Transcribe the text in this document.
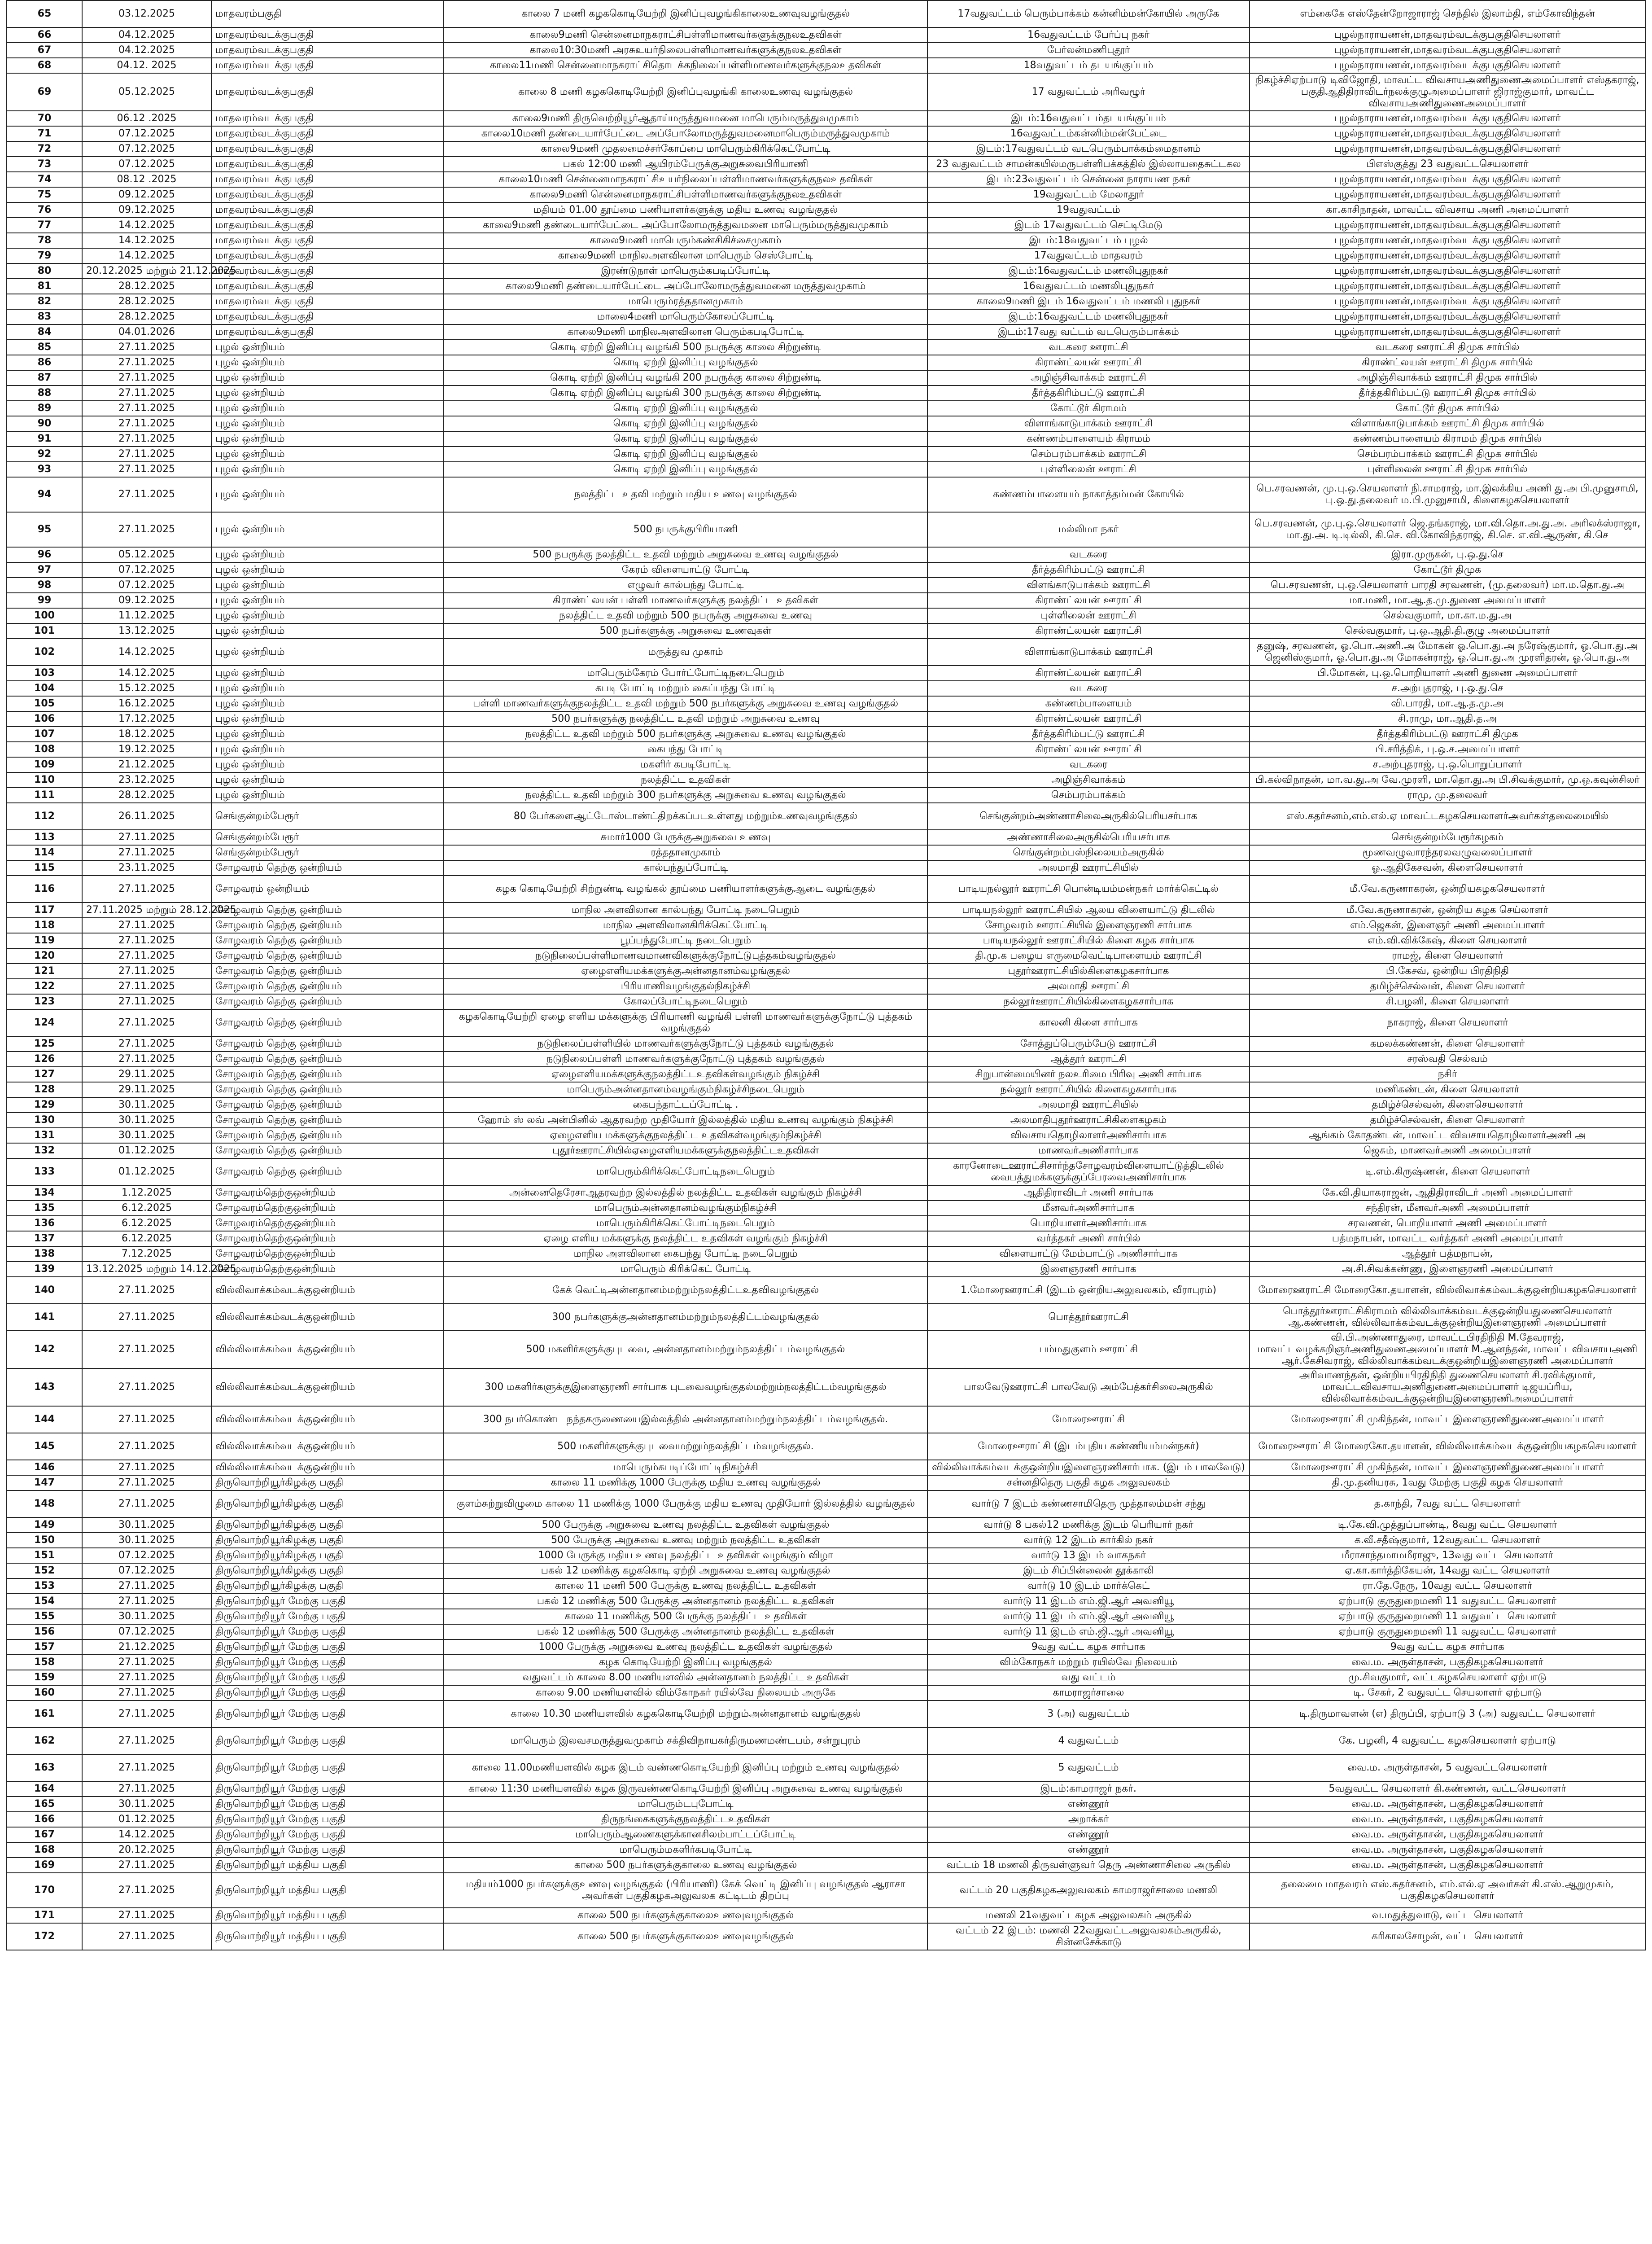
65	03.12.2025	மாதவரம்பகுதி	காலை 7 மணி கழககொடியேற்றி இனிப்புவழங்கிகாலைஉணவுவழங்குதல்	17வதுவட்டம் பெரும்பாக்கம் கன்னிம்மன்கோயில் அருகே	எம்கைகே எஸ்தேன்றோஜாராஜ் செந்தில் இலாம்தி, எம்கோவிந்தன்
66	04.12.2025	மாதவரம்வடக்குபகுதி	காலை9மணி சென்னைமாநகராட்சிபள்ளிமாணவர்களுக்குநலஉதவிகள்	16வதுவட்டம் பேர்ப்பு நகர்	புழல்நாராயணன்,மாதவரம்வடக்குபகுதிசெயலாளர்
67	04.12.2025	மாதவரம்வடக்குபகுதி	காலை10:30மணி அரசுஉயர்நிலைபள்ளிமாணவர்களுக்குநலஉதவிகள்	பேர்லன்மணிபுதூர்	புழல்நாராயணன்,மாதவரம்வடக்குபகுதிசெயலாளர்
68	04.12. 2025	மாதவரம்வடக்குபகுதி	காலை11மணி சென்னைமாநகராட்சிதொடக்கநிலைப்பள்ளிமாணவர்களுக்குநலஉதவிகள்	18வதுவட்டம் தடயங்குப்பம்	புழல்நாராயணன்,மாதவரம்வடக்குபகுதிசெயலாளர்
69	05.12.2025	மாதவரம்வடக்குபகுதி	காலை 8 மணி கழககொடியேற்றி இனிப்புவழங்கி காலைஉணவு வழங்குதல்	17 வதுவட்டம் அரிவழூர்	நிகழ்ச்சிஏற்பாடு டிவிஜோதி, மாவட்ட விவசாயஅணிதுணைஅமைப்பாளர் எஸ்தகராஜ், பகுதிஆதிதிராவிடர்நலக்குழுஅமைப்பாளர் ஜிராஜ்குமார், மாவட்ட விவசாயஅணிதுணைஅமைப்பாளர்
70	06.12 .2025	மாதவரம்வடக்குபகுதி	காலை9மணி திருவெற்றியூர்ஆதாய்மருத்துவமனை மாபெரும்மருத்துவமுகாம்	இடம்:16வதுவட்டம்தடயங்குப்பம்	புழல்நாராயணன்,மாதவரம்வடக்குபகுதிசெயலாளர்
71	07.12.2025	மாதவரம்வடக்குபகுதி	காலை10மணி தண்டையார்பேட்டை அப்போலோமருத்துவமனைமாபெரும்மருத்துவமுகாம்	16வதுவட்டம்கன்னிம்மன்பேட்டை	புழல்நாராயணன்,மாதவரம்வடக்குபகுதிசெயலாளர்
72	07.12.2025	மாதவரம்வடக்குபகுதி	காலை9மணி முதலமைச்சர்கோப்பை மாபெரும்கிரிக்கெட்போட்டி	இடம்:17வதுவட்டம் வடபெரும்பாக்கம்மைதானம்	புழல்நாராயணன்,மாதவரம்வடக்குபகுதிசெயலாளர்
73	07.12.2025	மாதவரம்வடக்குபகுதி	பகல் 12:00 மணி ஆயிரம்பேருக்குஅறுசுவைபிரியாணி	23 வதுவட்டம் சாமன்கயில்மருபள்ளிபக்கத்தில் இல்லாயதைசுட்டகல	பிஎஸ்குத்து 23 வதுவட்டசெயலாளர்
74	08.12 .2025	மாதவரம்வடக்குபகுதி	காலை10மணி சென்னைமாநகராட்சிஉயர்நிலைப்பள்ளிமாணவர்களுக்குநலஉதவிகள்	இடம்:23வதுவட்டம் சென்னை நாராயண நகர்	புழல்நாராயணன்,மாதவரம்வடக்குபகுதிசெயலாளர்
75	09.12.2025	மாதவரம்வடக்குபகுதி	காலை9மணி சென்னைமாநகராட்சிபள்ளிமாணவர்களுக்குநலஉதவிகள்	19வதுவட்டம் மேலாதூர்	புழல்நாராயணன்,மாதவரம்வடக்குபகுதிசெயலாளர்
76	09.12.2025	மாதவரம்வடக்குபகுதி	மதியம் 01.00 தூய்மை பணியாளர்களுக்கு மதிய உணவு வழங்குதல்	19வதுவட்டம்	கா.காசிநாதன், மாவட்ட விவசாய அணி அமைப்பாளர்
77	14.12.2025	மாதவரம்வடக்குபகுதி	காலை9மணி தண்டையார்பேட்டை அப்போலோமருத்துவமனை மாபெரும்மருத்துவமுகாம்	இடம் 17வதுவட்டம் செட்டிமேடு	புழல்நாராயணன்,மாதவரம்வடக்குபகுதிசெயலாளர்
78	14.12.2025	மாதவரம்வடக்குபகுதி	காலை9மணி மாபெரும்கண்சிகிச்சைமுகாம்	இடம்:18வதுவட்டம் புழல்	புழல்நாராயணன்,மாதவரம்வடக்குபகுதிசெயலாளர்
79	14.12.2025	மாதவரம்வடக்குபகுதி	காலை9மணி மாநிலஅளவிலான மாபெரும் செஸ்போட்டி	17வதுவட்டம் மாதவரம்	புழல்நாராயணன்,மாதவரம்வடக்குபகுதிசெயலாளர்
80	20.12.2025 மற்றும் 21.12.2025	மாதவரம்வடக்குபகுதி	இரண்டுநாள் மாபெரும்கபடிப்போட்டி	இடம்:16வதுவட்டம் மணலிபுதுநகர்	புழல்நாராயணன்,மாதவரம்வடக்குபகுதிசெயலாளர்
81	28.12.2025	மாதவரம்வடக்குபகுதி	காலை9மணி தண்டையார்பேட்டை அப்போலோமருத்துவமனை மருத்துவமுகாம்	16வதுவட்டம் மணலிபுதுநகர்	புழல்நாராயணன்,மாதவரம்வடக்குபகுதிசெயலாளர்
82	28.12.2025	மாதவரம்வடக்குபகுதி	மாபெரும்ரத்ததானமுகாம்	காலை9மணி இடம் 16வதுவட்டம் மணலி புதுநகர்	புழல்நாராயணன்,மாதவரம்வடக்குபகுதிசெயலாளர்
83	28.12.2025	மாதவரம்வடக்குபகுதி	மாலை4மணி மாபெரும்கோலப்போட்டி	இடம்:16வதுவட்டம் மணலிபுதுநகர்	புழல்நாராயணன்,மாதவரம்வடக்குபகுதிசெயலாளர்
84	04.01.2026	மாதவரம்வடக்குபகுதி	காலை9மணி மாநிலஅளவிலான பெரும்கபடிபோட்டி	இடம்:17வது வட்டம் வடபெரும்பாக்கம்	புழல்நாராயணன்,மாதவரம்வடக்குபகுதிசெயலாளர்
85	27.11.2025	புழல் ஒன்றியம்	கொடி ஏற்றி இனிப்பு வழங்கி 500 நபருக்கு காலை சிற்றுண்டி	வடகரை ஊராட்சி	வடகரை ஊராட்சி திமுக சார்பில்
86	27.11.2025	புழல் ஒன்றியம்	கொடி ஏற்றி இனிப்பு வழங்குதல்	கிராண்ட்லயன் ஊராட்சி	கிராண்ட்லயன் ஊராட்சி திமுக சார்பில்
87	27.11.2025	புழல் ஒன்றியம்	கொடி ஏற்றி இனிப்பு வழங்கி 200 நபருக்கு காலை சிற்றுண்டி	அழிஞ்சிவாக்கம் ஊராட்சி	அழிஞ்சிவாக்கம் ஊராட்சி திமுக சார்பில்
88	27.11.2025	புழல் ஒன்றியம்	கொடி ஏற்றி இனிப்பு வழங்கி 300 நபருக்கு காலை சிற்றுண்டி	தீர்த்தகிரிம்பட்டு ஊராட்சி	தீர்த்தகிரிம்பட்டு ஊராட்சி திமுக சார்பில்
89	27.11.2025	புழல் ஒன்றியம்	கொடி ஏற்றி இனிப்பு வழங்குதல்	கோட்டூர் கிராமம்	கோட்டூர் திமுக சார்பில்
90	27.11.2025	புழல் ஒன்றியம்	கொடி ஏற்றி இனிப்பு வழங்குதல்	விளாங்காடுபாக்கம் ஊராட்சி	விளாங்காடுபாக்கம் ஊராட்சி திமுக சார்பில்
91	27.11.2025	புழல் ஒன்றியம்	கொடி ஏற்றி இனிப்பு வழங்குதல்	கண்ணம்பாளையம் கிராமம்	கண்ணம்பாளையம் கிராமம் திமுக சார்பில்
92	27.11.2025	புழல் ஒன்றியம்	கொடி ஏற்றி இனிப்பு வழங்குதல்	செம்பரம்பாக்கம் ஊராட்சி	செம்பரம்பாக்கம் ஊராட்சி திமுக சார்பில்
93	27.11.2025	புழல் ஒன்றியம்	கொடி ஏற்றி இனிப்பு வழங்குதல்	புள்ளிலைன் ஊராட்சி	புள்ளிலைன் ஊராட்சி திமுக சார்பில்
94	27.11.2025	புழல் ஒன்றியம்	நலத்திட்ட உதவி மற்றும் மதிய உணவு வழங்குதல்	கண்ணம்பாளையம் நாகாத்தம்மன் கோயில்	பெ.சரவணன், மு.பு.ஒ.செயலாளர் நி.சாமராஜ், மா.இலக்கிய அணி து.அ பி.முனுசாமி, பு.ஒ.து.தலைவர் ம.பி.முனுசாமி, கிளைகழகசெயலாளர்
95	27.11.2025	புழல் ஒன்றியம்	500 நபருக்குபிரியாணி	மல்லிமா நகர்	பெ.சரவணன், மு.பு.ஒ.செயலாளர் ஜெ.தங்கராஜ், மா.வி.தொ.அ.து.அ. அரிலக்ஸ்ராஜா, மா.து.அ. டி.டில்லி, கி.செ. வி.கோவிந்தராஜ், கி.செ. எ.வி.ஆருண், கி.செ
96	05.12.2025	புழல் ஒன்றியம்	500 நபருக்கு நலத்திட்ட உதவி மற்றும் அறுசுவை உணவு வழங்குதல்	வடகரை	இரா.முருகன், பு.ஒ.து.செ
97	07.12.2025	புழல் ஒன்றியம்	கேரம் விளையாட்டு போட்டி	தீர்த்தகிரிம்பட்டு ஊராட்சி	கோட்டூர் திமுக
98	07.12.2025	புழல் ஒன்றியம்	எழுவர் கால்பந்து போட்டி	விளங்காடுபாக்கம் ஊராட்சி	பெ.சரவணன், பு.ஒ.செயலாளர் பாரதி சரவணன், (மு.தலைவர்) மா.ம.தொ.து.அ
99	09.12.2025	புழல் ஒன்றியம்	கிராண்ட்லயன் பள்ளி மாணவர்களுக்கு நலத்திட்ட உதவிகள்	கிராண்ட்லயன் ஊராட்சி	மா.மணி, மா.ஆ.த.மு.துணை அமைப்பாளர்
100	11.12.2025	புழல் ஒன்றியம்	நலத்திட்ட உதவி மற்றும் 500 நபருக்கு அறுசுவை உணவு	புள்ளிலைன் ஊராட்சி	செல்வகுமார், மா.கா.ம.து.அ
101	13.12.2025	புழல் ஒன்றியம்	500 நபர்களுக்கு அறுசுவை உணவுகள்	கிராண்ட்லயன் ஊராட்சி	செல்வகுமார், பு.ஒ.ஆதி.தி.குழு அமைப்பாளர்
102	14.12.2025	புழல் ஒன்றியம்	மருத்துவ முகாம்	விளாங்காடுபாக்கம் ஊராட்சி	தனுஷ், சரவணன், ஓ.பொ.அணி.அ மோகன் ஓ.பொ.து.அ நரேஷ்குமார், ஓ.பொ.து.அ ஜெனிஸ்குமார், ஓ.பொ.து.அ மோகன்ராஜ், ஓ.பொ.து.அ முரளிதரன், ஓ.பொ.து.அ
103	14.12.2025	புழல் ஒன்றியம்	மாபெரும்கேரம் போர்ட்போட்டிநடைபெறும்	கிராண்ட்லயன் ஊராட்சி	பி.மோகன், பு.ஒ.பொறியாளர் அணி துணை அமைப்பாளர்
104	15.12.2025	புழல் ஒன்றியம்	கபடி போட்டி மற்றும் கைப்பந்து போட்டி	வடகரை	ச.அற்புதராஜ், பு.ஒ.து.செ
105	16.12.2025	புழல் ஒன்றியம்	பள்ளி மாணவர்களுக்குநலத்திட்ட உதவி மற்றும் 500 நபர்களுக்கு அறுசுவை உணவு வழங்குதல்	கண்ணம்பாளையம்	வி.பாரதி, மா.ஆ.த.மு.அ
106	17.12.2025	புழல் ஒன்றியம்	500 நபர்களுக்கு நலத்திட்ட உதவி மற்றும் அறுசுவை உணவு	கிராண்ட்லயன் ஊராட்சி	சி.ராமு, மா.ஆதி.த.அ
107	18.12.2025	புழல் ஒன்றியம்	நலத்திட்ட உதவி மற்றும் 500 நபர்களுக்கு அறுசுவை உணவு வழங்குதல்	தீர்த்தகிரிம்பட்டு ஊராட்சி	தீர்த்தகிரிம்பட்டு ஊராட்சி திமுக
108	19.12.2025	புழல் ஒன்றியம்	கைபந்து போட்டி	கிராண்ட்லயன் ஊராட்சி	பி.சரித்திக், பு.ஒ.ச.அமைப்பாளர்
109	21.12.2025	புழல் ஒன்றியம்	மகளிர் கபடிபோட்டி	வடகரை	ச.அற்புதராஜ், பு.ஒ.பொறுப்பாளர்
110	23.12.2025	புழல் ஒன்றியம்	நலத்திட்ட உதவிகள்	அழிஞ்சிவாக்கம்	பி.கல்விநாதன், மா.வ.து.அ வே.முரளி, மா.தொ.து.அ பி.சிவக்குமார், மு.ஒ.கவுன்சிலர்
111	28.12.2025	புழல் ஒன்றியம்	நலத்திட்ட உதவி மற்றும் 300 நபர்களுக்கு அறுசுவை உணவு வழங்குதல்	செம்பரம்பாக்கம்	ராமு, மு.தலைவர்
112	26.11.2025	செங்குன்றம்பேரூர்	80 பேர்களைஆட்டோஸ்டாண்ட்திறக்கப்படஉள்ளது மற்றும்உணவுவழங்குதல்	செங்குன்றம்அண்ணாசிலைஅருகில்பெரியசர்பாக	எஸ்.கதர்சனம்,எம்.எல்.ஏ மாவட்டகழகசெயலாளர்அவர்கள்தலைமையில்
113	27.11.2025	செங்குன்றம்பேரூர்	சுமார்1000 பேருக்குஅறுசுவை உணவு	அண்ணாசிலைஅருகில்பெரியசர்பாக	செங்குன்றம்பேரூர்கழகம்
114	27.11.2025	செங்குன்றம்பேரூர்	ரத்ததானமுகாம்	செங்குன்றம்பஸ்நிலையம்அருகில்	மூணவழுவாரந்தரலவழுவலைப்பாளர்
115	23.11.2025	சோழவரம் தெற்கு ஒன்றியம்	கால்பந்துப்போட்டி	அலமாதி ஊராட்சியில்	ஓ.ஆதிகேசவன், கிளைசெயலாளர்
116	27.11.2025	சோழவரம் ஒன்றியம்	கழக கொடியேற்றி சிற்றுண்டி வழங்கல் தூய்மை பணியாளர்களுக்குஆடை வழங்குதல்	பாடியநல்லூர் ஊராட்சி பொன்டியம்மன்நகர் மார்க்கெட்டில்	மீ.வே.கருணாகரன், ஒன்றியகழகசெயலாளர்
117	27.11.2025 மற்றும் 28.12.2025	சோழவரம் தெற்கு ஒன்றியம்	மாநில அளவிலான கால்பந்து போட்டி நடைபெறும்	பாடியநல்லூர் ஊராட்சியில் ஆலய விளையாட்டு திடலில்	மீ.வே.கருணாகரன், ஒன்றிய கழக செய்லாளர்
118	27.11.2025	சோழவரம் தெற்கு ஒன்றியம்	மாநில அளவிலானகிரிக்கெட்போட்டி	சோழவரம் ஊராட்சியில் இளைஞரணி சார்பாக	எம்.ஜெகன், இளைஞர் அணி அமைப்பாளர்
119	27.11.2025	சோழவரம் தெற்கு ஒன்றியம்	பூப்பந்துபோட்டி நடைபெறும்	பாடியநல்லூர் ஊராட்சியில் கிளை கழக சார்பாக	எம்.வி.விக்கேஷ், கிளை செயலாளர்
120	27.11.2025	சோழவரம் தெற்கு ஒன்றியம்	நடுநிலைப்பள்ளிமாணவமாணவிகளுக்குநோட்டுபுத்தகம்வழங்குதல்	தி.மு.க பழைய எருமைவெட்டிபாளையம் ஊராட்சி	ராமஜ், கிளை செயலாளர்
121	27.11.2025	சோழவரம் தெற்கு ஒன்றியம்	ஏழைஎளியமக்களுக்குஅன்னதானம்வழங்குதல்	புதூர்ஊராட்சியில்கிளைகழகசார்பாக	பி.கேசவ், ஒன்றிய பிரதிநிதி
122	27.11.2025	சோழவரம் தெற்கு ஒன்றியம்	பிரியாணிவழங்குதல்நிகழ்ச்சி	அலமாதி ஊராட்சி	தமிழ்ச்செல்வன், கிளை செயலாளர்
123	27.11.2025	சோழவரம் தெற்கு ஒன்றியம்	கோலப்போட்டிநடைபெறும்	நல்லூர்ஊராட்சியில்கிளைகழகசார்பாக	சி.பழனி, கிளை செயலாளர்
124	27.11.2025	சோழவரம் தெற்கு ஒன்றியம்	கழககொடியேற்றி ஏழை எளிய மக்களுக்கு பிரியாணி வழங்கி பள்ளி மாணவர்களுக்குநோட்டு புத்தகம் வழங்குதல்	காலனி கிளை சார்பாக	நாகராஜ், கிளை செயலாளர்
125	27.11.2025	சோழவரம் தெற்கு ஒன்றியம்	நடுநிலைப்பள்ளியில் மாணவர்களுக்குநோட்டு புத்தகம் வழங்குதல்	சோத்துப்பெரும்பேடு ஊராட்சி	கமலக்கண்ணன், கிளை செயலாளர்
126	27.11.2025	சோழவரம் தெற்கு ஒன்றியம்	நடுநிலைப்பள்ளி மாணவர்களுக்குநோட்டு புத்தகம் வழங்குதல்	ஆத்தூர் ஊராட்சி	சரஸ்வதி செல்வம்
127	29.11.2025	சோழவரம் தெற்கு ஒன்றியம்	ஏழைஎளியமக்களுக்குநலத்திட்டஉதவிகள்வழங்கும் நிகழ்ச்சி	சிறுபான்மையினர் நலஉரிமை பிரிவு அணி சார்பாக	நசிர்
128	29.11.2025	சோழவரம் தெற்கு ஒன்றியம்	மாபெரும்அன்னதானம்வழங்கும்நிகழ்ச்சிநடைபெறும்	நல்லூர் ஊராட்சியில் கிளைகழகசார்பாக	மணிகண்டன், கிளை செயலாளர்
129	30.11.2025	சோழவரம் தெற்கு ஒன்றியம்	கைபந்தாட்டப்போட்டி .	அலமாதி ஊராட்சியில்	தமிழ்ச்செல்வன், கிளைசெயலாளர்
130	30.11.2025	சோழவரம் தெற்கு ஒன்றியம்	ஹோம் ஸ் லவ் அன்பினில் ஆதரவற்ற முதியோர் இல்லத்தில் மதிய உணவு வழங்கும் நிகழ்ச்சி	அலமாதிபுதூர்ஊராட்சிகிளைகழகம்	தமிழ்ச்செல்வன், கிளை செயலாளர்
131	30.11.2025	சோழவரம் தெற்கு ஒன்றியம்	ஏழைஎளிய மக்களுக்குநலத்திட்ட உதவிகள்வழங்கும்நிகழ்ச்சி	விவசாயதொழிலாளர்அணிசார்பாக	ஆங்கம் கோதண்டன், மாவட்ட விவசாயதொழிலாளர்அணி அ
132	01.12.2025	சோழவரம் தெற்கு ஒன்றியம்	புதூர்ஊராட்சியில்ஏழைஎளியமக்களுக்குநலத்திட்டஉதவிகள்	மாணவர்அணிசார்பாக	ஜெசும், மாணவர்அணி அமைப்பாளர்
133	01.12.2025	சோழவரம் தெற்கு ஒன்றியம்	மாபெரும்கிரிக்கெட்போட்டிநடைபெறும்	காரனோடைஊராட்சிசார்ந்தசோழவரம்விளையாட்டுத்திடலில் வைபத்துமக்களுக்குப்பேரவைஅணிசார்பாக	டி.எம்.கிருஷ்ணன், கிளை செயலாளர்
134	1.12.2025	சோழவரம்தெற்குஒன்றியம்	அன்னைதெரேசாஆதரவற்ற இல்லத்தில் நலத்திட்ட உதவிகள் வழங்கும் நிகழ்ச்சி	ஆதிதிராவிடர் அணி சார்பாக	கே.வி.தியாகராஜன், ஆதிதிராவிடர் அணி அமைப்பாளர்
135	6.12.2025	சோழவரம்தெற்குஒன்றியம்	மாபெரும்அன்னதானம்வழங்கும்நிகழ்ச்சி	மீனவர்அணிசார்பாக	சந்திரன், மீனவர்அணி அமைப்பாளர்
136	6.12.2025	சோழவரம்தெற்குஒன்றியம்	மாபெரும்கிரிக்கெட்போட்டிநடைபெறும்	பொறியாளர்அணிசார்பாக	சரவணன், பொறியாளர் அணி அமைப்பாளர்
137	6.12.2025	சோழவரம்தெற்குஒன்றியம்	ஏழை எளிய மக்களுக்கு நலத்திட்ட உதவிகள் வழங்கும் நிகழ்ச்சி	வர்த்தகர் அணி சார்பில்	பத்மநாபன், மாவட்ட வர்த்தகர் அணி அமைப்பாளர்
138	7.12.2025	சோழவரம்தெற்குஒன்றியம்	மாநில அளவிலான கைபந்து போட்டி நடைபெறும்	விளையாட்டு மேம்பாட்டு அணிசார்பாக	ஆத்தூர் பத்மநாபன்,
139	13.12.2025 மற்றும் 14.12.2025	சோழவரம்தெற்குஒன்றியம்	மாபெரும் கிரிக்கெட் போட்டி	இளைஞரணி சார்பாக	அ.சி.சிவக்கண்ணு, இளைஞரணி அமைப்பாளர்
140	27.11.2025	வில்லிவாக்கம்வடக்குஒன்றியம்	கேக் வெட்டிஅன்னதானம்மற்றும்நலத்திட்டஉதவிவழங்குதல்	1.மோரைஊராட்சி (இடம் ஒன்றியஅலுவலகம், வீராபுரம்)	மோரைஊராட்சி மோரைகோ.தயாளன், வில்லிவாக்கம்வடக்குஒன்றியகழகசெயலாளர்
141	27.11.2025	வில்லிவாக்கம்வடக்குஒன்றியம்	300 நபர்களுக்குஅன்னதானம்மற்றும்நலத்திட்டம்வழங்குதல்	பொத்தூர்ஊராட்சி	பொத்தூர்ஊராட்சிகிராமம் வில்லிவாக்கம்வடக்குஒன்றியதுணைசெயலாளர் ஆ.கண்ணன், வில்லிவாக்கம்வடக்குஒன்றியஇளைஞரணி அமைப்பாளர்
142	27.11.2025	வில்லிவாக்கம்வடக்குஒன்றியம்	500 மகளிர்களுக்குபுடவை, அன்னதானம்மற்றும்நலத்திட்டம்வழங்குதல்	பம்மதுகுளம் ஊராட்சி	வி.பி.அண்ணாதுரை, மாவட்டபிரதிநிதி M.தேவராஜ், மாவட்டவழக்கறிஞர்அணிதுணைஅமைப்பாளர் M.ஆனந்தன், மாவட்டவிவசாயஅணி ஆர்.கேசிவராஜ், வில்லிவாக்கம்வடக்குஒன்றியஇளைஞரணி அமைப்பாளர்
143	27.11.2025	வில்லிவாக்கம்வடக்குஒன்றியம்	300 மகளிர்களுக்குஇளைஞரணி சார்பாக புடவைவழங்குதல்மற்றும்நலத்திட்டம்வழங்குதல்	பாலவேடுஊராட்சி பாலவேடு அம்பேத்கர்சிலைஅருகில்	அரிவாணந்தன், ஒன்றியபிரதிநிதி துணைசெயலாளர் சி.ரவிக்குமார், மாவட்டவிவசாயஅணிதுணைஅமைப்பாளர் டிஜயப்ரிய, வில்லிவாக்கம்வடக்குஒன்றியஇளைஞரணிஅமைப்பாளர்
144	27.11.2025	வில்லிவாக்கம்வடக்குஒன்றியம்	300 நபர்கொண்ட நந்தகருணையைஇல்லத்தில் அன்னதானம்மற்றும்நலத்திட்டம்வழங்குதல்.	மோரைஊராட்சி	மோரைஊராட்சி முகிந்தன், மாவட்டஇளைஞரணிதுணைஅமைப்பாளர்
145	27.11.2025	வில்லிவாக்கம்வடக்குஒன்றியம்	500 மகளிர்களுக்குபுடவைமற்றும்நலத்திட்டம்வழங்குதல்.	மோரைஊராட்சி (இடம்புதிய கண்ணியம்மன்நகர்)	மோரைஊராட்சி மோரைகோ.தயாளன், வில்லிவாக்கம்வடக்குஒன்றியகழகசெயலாளர்
146	27.11.2025	வில்லிவாக்கம்வடக்குஒன்றியம்	மாபெரும்கபடிப்போட்டிநிகழ்ச்சி	வில்லிவாக்கம்வடக்குஒன்றியஇளைஞரணிசார்பாக. (இடம் பாலவேடு)	மோரைஊராட்சி முகிந்தன், மாவட்டஇளைஞரணிதுணைஅமைப்பாளர்
147	27.11.2025	திருவொற்றியூர்கிழக்கு பகுதி	காலை 11 மணிக்கு 1000 பேருக்கு மதிய உணவு வழங்குதல்	சன்னதிதெரு பகுதி கழக அலுவலகம்	தி.மு.தனியரசு, 1வது மேற்கு பகுதி கழக செயலாளர்
148	27.11.2025	திருவொற்றியூர்கிழக்கு பகுதி	குளம்சுற்றுவிழுமை காலை 11 மணிக்கு 1000 பேருக்கு மதிய உணவு முதியோர் இல்லத்தில் வழங்குதல்	வார்டு 7 இடம் கண்ணசாமிதெரு முத்தாலம்மன் சந்து	த.காந்தி, 7வது வட்ட செயலாளர்
149	30.11.2025	திருவொற்றியூர்கிழக்கு பகுதி	500 பேருக்கு அறுசுவை உணவு நலத்திட்ட உதவிகள் வழங்குதல்	வார்டு 8 பகல்12 மணிக்கு இடம் பெரியார் நகர்	டி.கே.வி.முத்துப்பாண்டி, 8வது வட்ட செயலாளர்
150	30.11.2025	திருவொற்றியூர்கிழக்கு பகுதி	500 பேருக்கு அறுசுவை உணவு மற்றும் நலத்திட்ட உதவிகள்	வார்டு 12 இடம் கார்கில் நகர்	க.வீ.சதீஷ்குமார், 12வதுவட்ட செயலாளர்
151	07.12.2025	திருவொற்றியூர்கிழக்கு பகுதி	1000 பேருக்கு மதிய உணவு நலத்திட்ட உதவிகள் வழங்கும் விழா	வார்டு 13 இடம் வாகநகர்	மீராசாந்தமாமமீராஜு, 13வது வட்ட செயலாளர்
152	07.12.2025	திருவொற்றியூர்கிழக்கு பகுதி	பகல் 12 மணிக்கு கழககொடி ஏற்றி அறுசுவை உணவு வழங்குதல்	இடம் சிப்பின்லைன் தூக்காலி	ஏ.கா.கார்த்திகேயன், 14வது வட்ட செயலாளர்
153	27.11.2025	திருவொற்றியூர்கிழக்கு பகுதி	காலை 11 மணி 500 பேருக்கு உணவு நலத்திட்ட உதவிகள்	வார்டு 10 இடம் மார்க்கெட்	ரா.தே.நேரு, 10வது வட்ட செயலாளர்
154	27.11.2025	திருவொற்றியூர் மேற்கு பகுதி	பகல் 12 மணிக்கு 500 பேருக்கு அன்னதானம் நலத்திட்ட உதவிகள்	வார்டு 11 இடம் எம்.ஜி.ஆர் அவனியூ	ஏற்பாடு குருதுறைமணி 11 வதுவட்ட செயலாளர்
155	30.11.2025	திருவொற்றியூர் மேற்கு பகுதி	காலை 11 மணிக்கு 500 பேருக்கு நலத்திட்ட உதவிகள்	வார்டு 11 இடம் எம்.ஜி.ஆர் அவனியூ	ஏற்பாடு குருதுறைமணி 11 வதுவட்ட செயலாளர்
156	07.12.2025	திருவொற்றியூர் மேற்கு பகுதி	பகல் 12 மணிக்கு 500 பேருக்கு அன்னதானம் நலத்திட்ட உதவிகள்	வார்டு 11 இடம் எம்.ஜி.ஆர் அவனியூ	ஏற்பாடு குருதுறைமணி 11 வதுவட்ட செயலாளர்
157	21.12.2025	திருவொற்றியூர் மேற்கு பகுதி	1000 பேருக்கு அறுசுவை உணவு நலத்திட்ட உதவிகள் வழங்குதல்	9வது வட்ட கழக சார்பாக	9வது வட்ட கழக சார்பாக
158	27.11.2025	திருவொற்றியூர் மேற்கு பகுதி	கழக கொடியேற்றி இனிப்பு வழங்குதல்	விம்கோநகர் மற்றும் ரயில்வே நிலையம்	வை.ம. அருள்தாசன், பகுதிகழகசெயலாளர்
159	27.11.2025	திருவொற்றியூர் மேற்கு பகுதி	வதுவட்டம் காலை 8.00 மணியளவில் அன்னதானம் நலத்திட்ட உதவிகள்	வது வட்டம்	மு.சிவகுமார், வட்டகழகசெயலாளர் ஏற்பாடு
160	27.11.2025	திருவொற்றியூர் மேற்கு பகுதி	காலை 9.00 மணியளவில் விம்கோநகர் ரயில்வே நிலையம் அருகே	காமராஜர்சாலை	டி. சேகர், 2 வதுவட்ட செயலாளர் ஏற்பாடு
161	27.11.2025	திருவொற்றியூர் மேற்கு பகுதி	காலை 10.30 மணியளவில் கழககொடியேற்றி மற்றும்அன்னதானம் வழங்குதல்	3 (அ) வதுவட்டம்	டி.திருமாவளன் (எ) திருப்பி, ஏற்பாடு 3 (அ) வதுவட்ட செயலாளர்
162	27.11.2025	திருவொற்றியூர் மேற்கு பகுதி	மாபெரும் இலவசமருத்துவமுகாம் சக்திவிநாயகர்திருமணமண்டபம், சன்றுபுரம்	4 வதுவட்டம்	கே. பழனி, 4 வதுவட்ட கழகசெயலாளர் ஏற்பாடு
163	27.11.2025	திருவொற்றியூர் மேற்கு பகுதி	காலை 11.00மணியளவில் கழக இடம் வண்ணகொடியேற்றி இனிப்பு மற்றும் உணவு வழங்குதல்	5 வதுவட்டம்	வை.ம. அருள்தாசன், 5 வதுவட்டசெயலாளர்
164	27.11.2025	திருவொற்றியூர் மேற்கு பகுதி	காலை 11:30 மணியளவில் கழக இருவண்ணகொடியேற்றி இனிப்பு அறுசுவை உணவு வழங்குதல்	இடம்:காமராஜர் நகர்.	5வதுவட்ட செயலாளர் கி.கண்ணன், வட்டசெயலாளர்
165	30.11.2025	திருவொற்றியூர் மேற்கு பகுதி	மாபெரும்டபுபோட்டி	எண்ணூர்	வை.ம. அருள்தாசன், பகுதிகழகசெயலாளர்
166	01.12.2025	திருவொற்றியூர் மேற்கு பகுதி	திருநங்கைகளுக்குநலத்திட்டஉதவிகள்	அறாக்கர்	வை.ம. அருள்தாசன், பகுதிகழகசெயலாளர்
167	14.12.2025	திருவொற்றியூர் மேற்கு பகுதி	மாபெரும்ஆணைகளுக்கானசிலம்பாட்டப்போட்டி	எண்ணூர்	வை.ம. அருள்தாசன், பகுதிகழகசெயலாளர்
168	20.12.2025	திருவொற்றியூர் மேற்கு பகுதி	மாபெரும்மகளிர்கபடிபோட்டி	எண்ணூர்	வை.ம. அருள்தாசன், பகுதிகழகசெயலாளர்
169	27.11.2025	திருவொற்றியூர் மத்திய பகுதி	காலை 500 நபர்களுக்குகாலை உணவு வழங்குதல்	வட்டம் 18 மணலி திருவள்ளுவர் தெரு அண்ணாசிலை அருகில்	வை.ம. அருள்தாசன், பகுதிகழகசெயலாளர்
170	27.11.2025	திருவொற்றியூர் மத்திய பகுதி	மதியம்1000 நபர்களுக்குஉணவு வழங்குதல் (பிரியாணி) கேக் வெட்டி இனிப்பு வழங்குதல் ஆராசா அவர்கள் பகுதிகழகஅலுவலக கட்டிடம் திறப்பு	வட்டம் 20 பகுதிகழகஅலுவலகம் காமராஜர்சாலை மணலி	தலைமை மாதவரம் எஸ்.சுதர்சனம், எம்.எல்.ஏ அவர்கள் கி.எஸ்.ஆறுமுகம், பகுதிகழகசெயலாளர்
171	27.11.2025	திருவொற்றியூர் மத்திய பகுதி	காலை 500 நபர்களுக்குகாலைஉணவுவழங்குதல்	மணலி 21வதுவட்டகழக அலுவலகம் அருகில்	வ.மதுத்துவாடு, வட்ட செயலாளர்
172	27.11.2025	திருவொற்றியூர் மத்திய பகுதி	காலை 500 நபர்களுக்குகாலைஉணவுவழங்குதல்	வட்டம் 22 இடம்: மணலி 22வதுவட்டஅலுவலகம்அருகில், சின்னசேக்காடு	கரிகாலசோழன், வட்ட செயலாளர்
